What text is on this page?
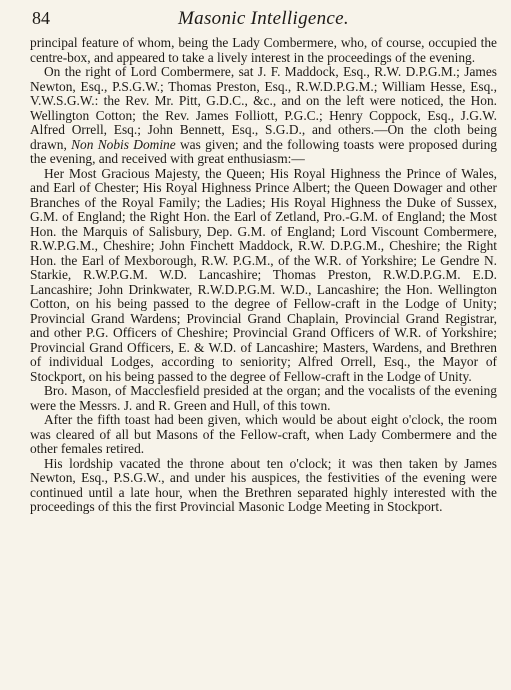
84	Masonic Intelligence.

principal feature of whom, being the Lady Combermere, who, of course, occupied the centre-box, and appeared to take a lively interest in the proceedings of the evening.

On the right of Lord Combermere, sat J. F. Maddock, Esq., R.W. D.P.G.M.; James Newton, Esq., P.S.G.W.; Thomas Preston, Esq., R.W.D.P.G.M.; William Hesse, Esq., V.W.S.G.W.: the Rev. Mr. Pitt, G.D.C., &c., and on the left were noticed, the Hon. Wellington Cotton; the Rev. James Folliott, P.G.C.; Henry Coppock, Esq., J.G.W. Alfred Orrell, Esq.; John Bennett, Esq., S.G.D., and others.—On the cloth being drawn, Non Nobis Domine was given; and the following toasts were proposed during the evening, and received with great enthusiasm:—

Her Most Gracious Majesty, the Queen; His Royal Highness the Prince of Wales, and Earl of Chester; His Royal Highness Prince Albert; the Queen Dowager and other Branches of the Royal Family; the Ladies; His Royal Highness the Duke of Sussex, G.M. of England; the Right Hon. the Earl of Zetland, Pro.-G.M. of England; the Most Hon. the Marquis of Salisbury, Dep. G.M. of England; Lord Viscount Combermere, R.W.P.G.M., Cheshire; John Finchett Maddock, R.W. D.P.G.M., Cheshire; the Right Hon. the Earl of Mexborough, R.W. P.G.M., of the W.R. of Yorkshire; Le Gendre N. Starkie, R.W.P.G.M. W.D. Lancashire; Thomas Preston, R.W.D.P.G.M. E.D. Lancashire; John Drinkwater, R.W.D.P.G.M. W.D., Lancashire; the Hon. Wellington Cotton, on his being passed to the degree of Fellow-craft in the Lodge of Unity; Provincial Grand Wardens; Provincial Grand Chaplain, Provincial Grand Registrar, and other P.G. Officers of Cheshire; Provincial Grand Officers of W.R. of Yorkshire; Provincial Grand Officers, E. & W.D. of Lancashire; Masters, Wardens, and Brethren of individual Lodges, according to seniority; Alfred Orrell, Esq., the Mayor of Stockport, on his being passed to the degree of Fellow-craft in the Lodge of Unity.

Bro. Mason, of Macclesfield presided at the organ; and the vocalists of the evening were the Messrs. J. and R. Green and Hull, of this town.

After the fifth toast had been given, which would be about eight o'clock, the room was cleared of all but Masons of the Fellow-craft, when Lady Combermere and the other females retired.

His lordship vacated the throne about ten o'clock; it was then taken by James Newton, Esq., P.S.G.W., and under his auspices, the festivities of the evening were continued until a late hour, when the Brethren separated highly interested with the proceedings of this the first Provincial Masonic Lodge Meeting in Stockport.
